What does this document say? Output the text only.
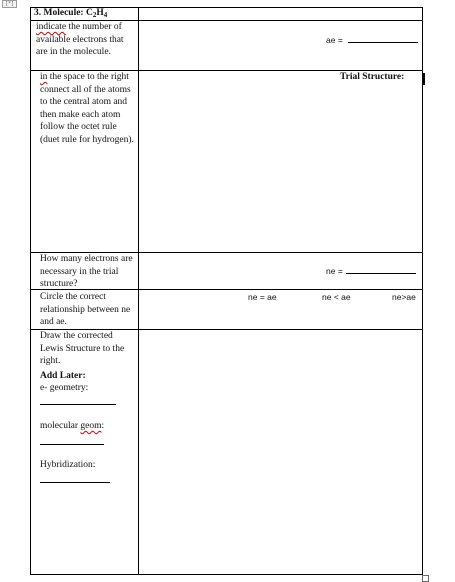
[*]
3. Molecule: $C_2H_4$
indicate the number of available electrons that are in the molecule.
ae =
in the space to the right connect all of the atoms to the central atom and then make each atom follow the octet rule (duet rule for hydrogen).
Trial Structure:
How many electrons are necessary in the trial structure?
ne =
Circle the correct relationship between ne and ae.
ne = ae	ne < ae	ne>ae
Draw the corrected Lewis Structure to the right.
Add Later:
e- geometry:
molecular geom:
Hybridization:
